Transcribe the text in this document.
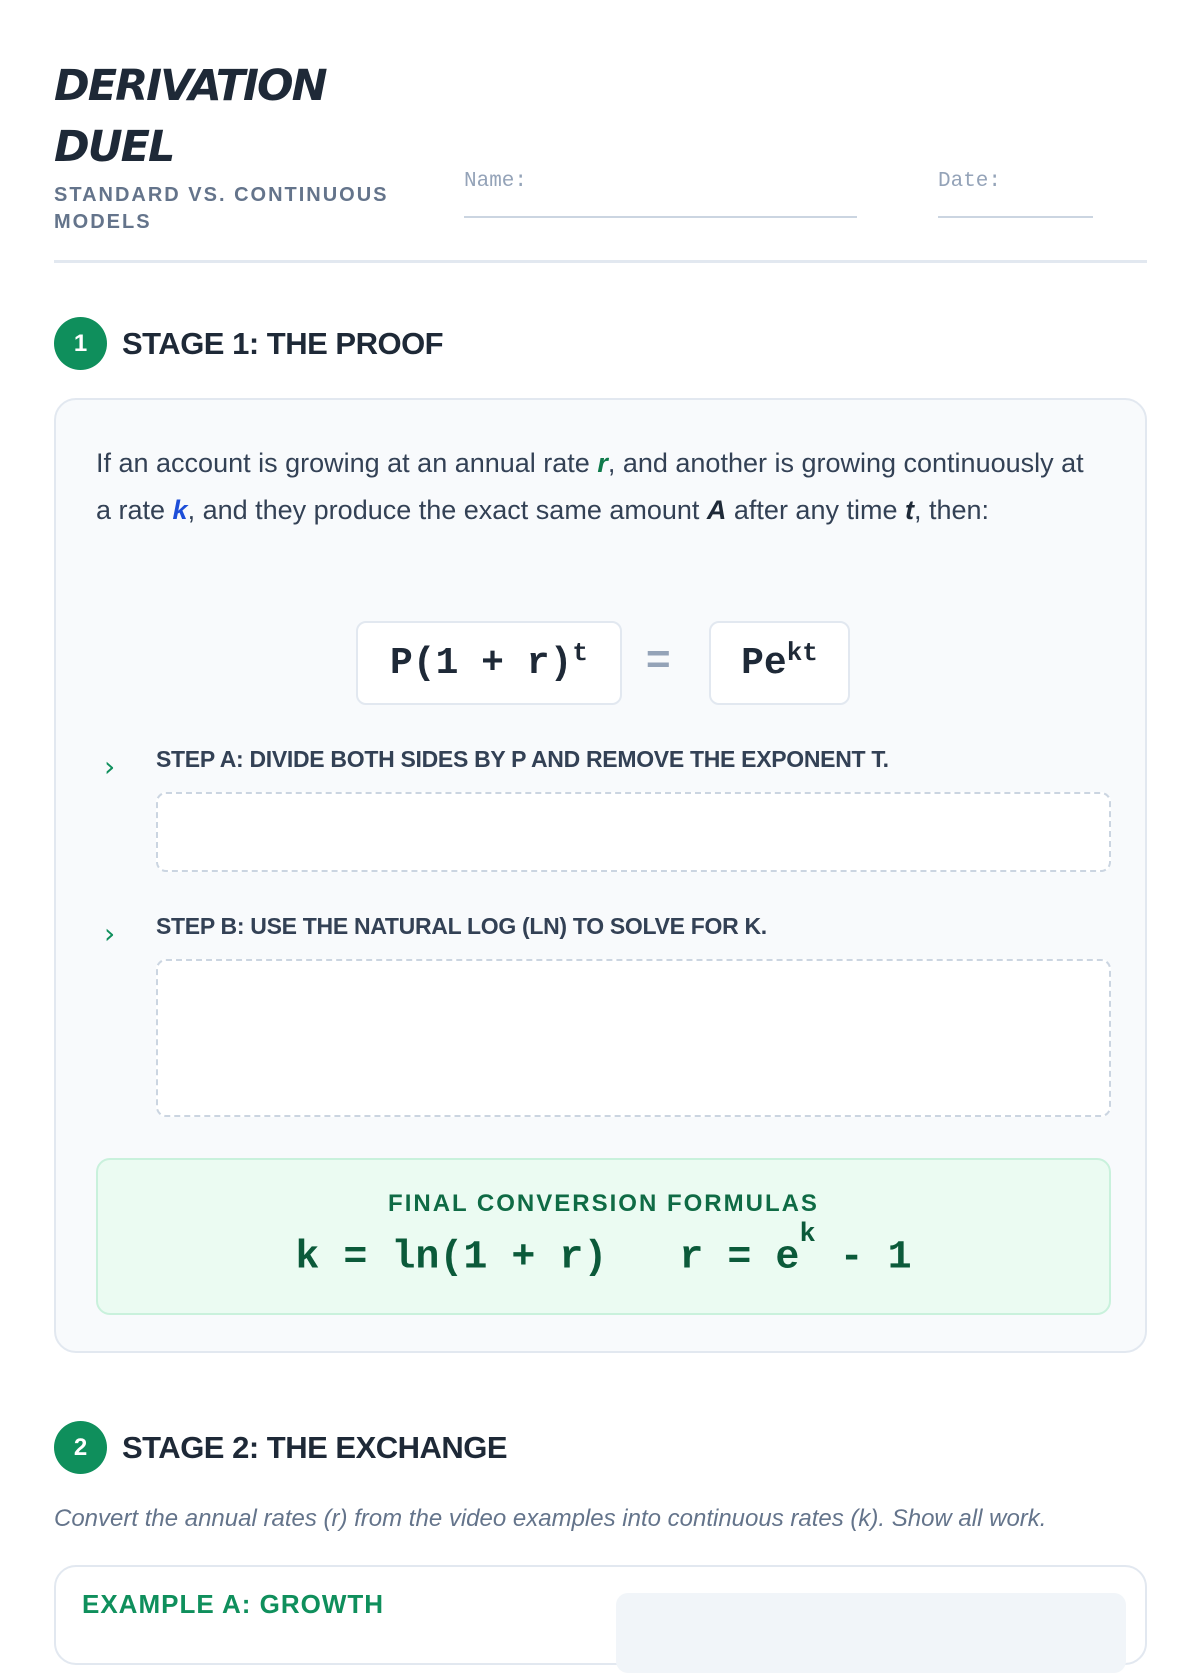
DERIVATION
DUEL
STANDARD VS. CONTINUOUS MODELS
Name:	Date:
1	STAGE 1: THE PROOF

If an account is growing at an annual rate r, and another is growing continuously at a rate k, and they produce the exact same amount A after any time t, then:

$P(1 + r)^t = Pe^{kt}$
› STEP A: DIVIDE BOTH SIDES BY P AND REMOVE THE EXPONENT T.
› STEP B: USE THE NATURAL LOG (LN) TO SOLVE FOR K.
FINAL CONVERSION FORMULAS
k = ln(1 + r) $r = e^k - 1$
2	STAGE 2: THE EXCHANGE

Convert the annual rates (r) from the video examples into continuous rates (k). Show all work.

EXAMPLE A: GROWTH
